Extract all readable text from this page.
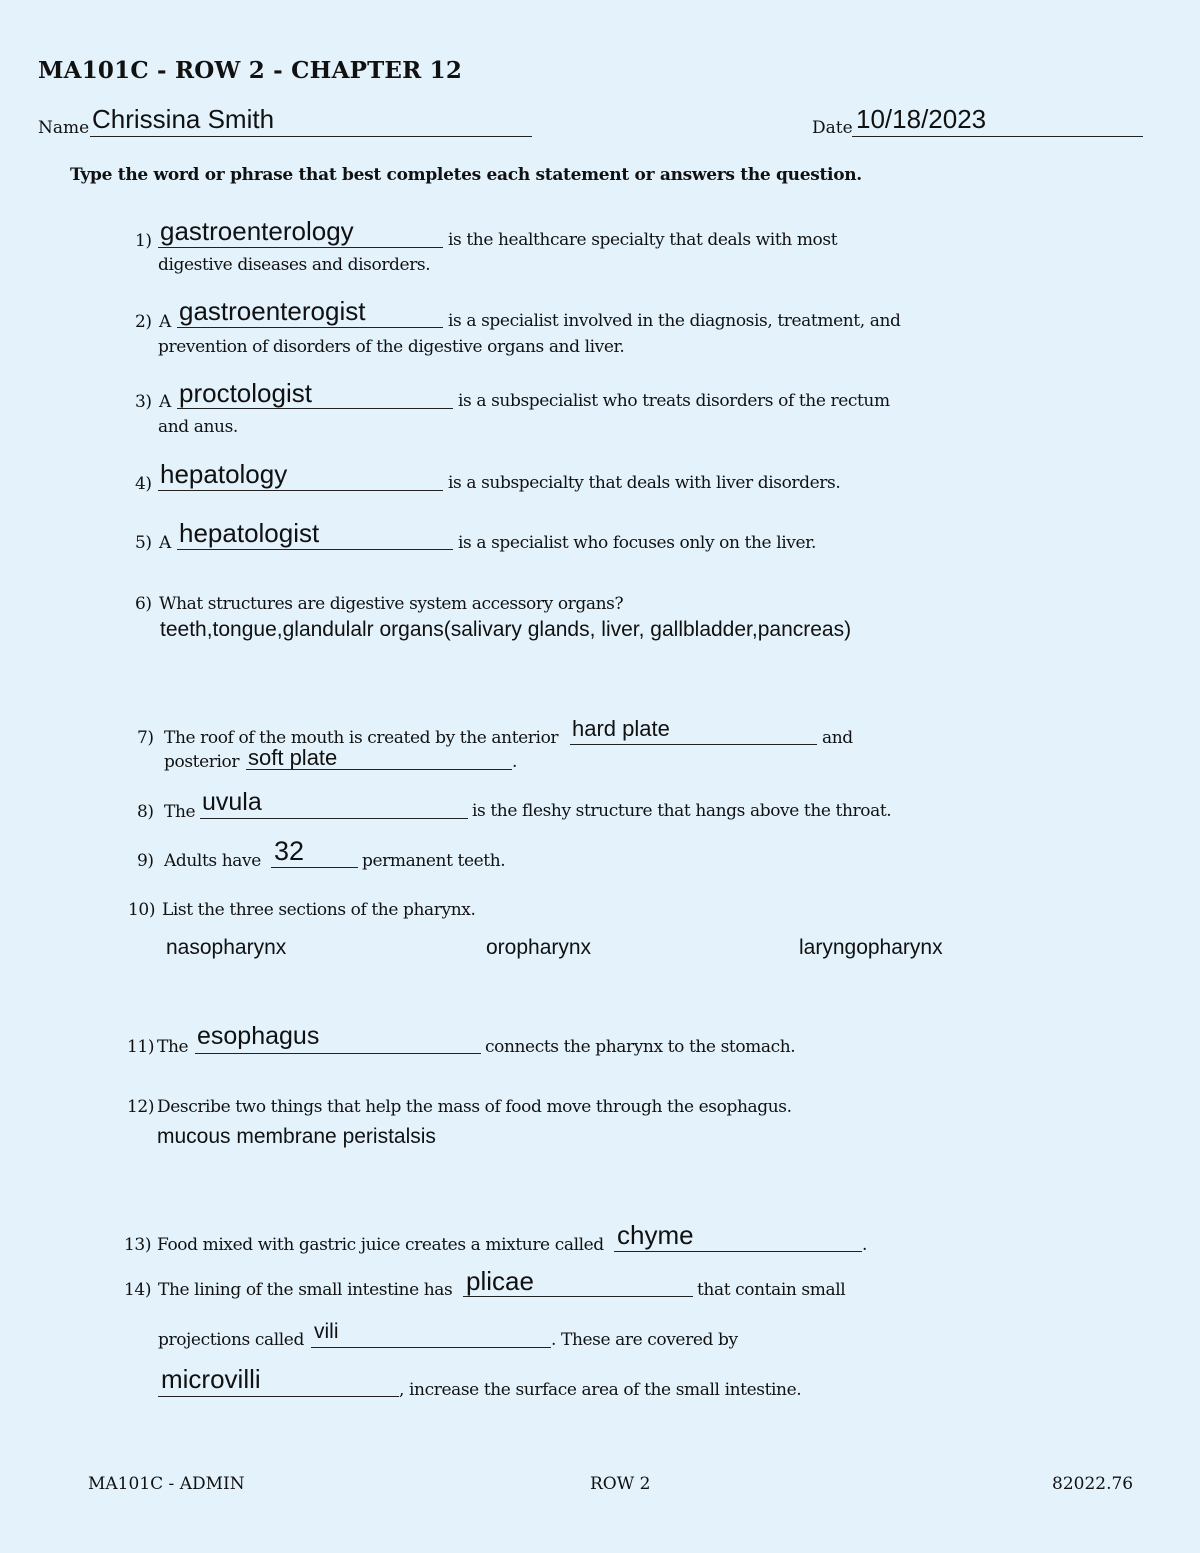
MA101C - ROW 2 - CHAPTER 12
Name Chrissina Smith	Date 10/18/2023
Type the word or phrase that best completes each statement or answers the question.
1) gastroenterology	is the healthcare specialty that deals with most
digestive diseases and disorders.
2) A gastroenterogist	is a specialist involved in the diagnosis, treatment, and
prevention of disorders of the digestive organs and liver.
3) A proctologist	is a subspecialist who treats disorders of the rectum
and anus.
4) hepatology	is a subspecialty that deals with liver disorders.
5) A hepatologist	is a specialist who focuses only on the liver.
6) What structures are digestive system accessory organs?
teeth,tongue,glandulalr organs(salivary glands, liver, gallbladder,pancreas)
7) The roof of the mouth is created by the anterior hard plate	and
posterior soft plate	.
8) The uvula	is the fleshy structure that hangs above the throat.
9) Adults have 32	permanent teeth.
10) List the three sections of the pharynx.
nasopharynx	oropharynx	laryngopharynx
11) The esophagus	connects the pharynx to the stomach.
12) Describe two things that help the mass of food move through the esophagus.
mucous membrane peristalsis
13) Food mixed with gastric juice creates a mixture called chyme	.
14) The lining of the small intestine has plicae	that contain small
projections called vili	. These are covered by
microvilli	, increase the surface area of the small intestine.
MA101C - ADMIN	ROW 2	82022.76
